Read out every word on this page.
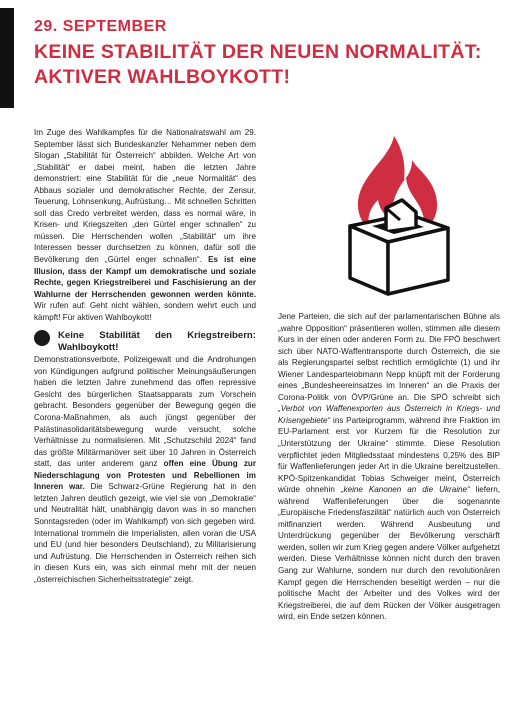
29. SEPTEMBER
KEINE STABILITÄT DER NEUEN NORMALITÄT:
AKTIVER WAHLBOYKOTT!

Im Zuge des Wahlkampfes für die Nationalratswahl am 29. September lässt sich Bundeskanzler Nehammer neben dem Slogan „Stabilität für Österreich“ abbilden. Welche Art von „Stabilität“ er dabei meint, haben die letzten Jahre demonstriert: eine Stabilität für die „neue Normalität“ des Abbaus sozialer und demokratischer Rechte, der Zensur, Teuerung, Lohnsenkung, Aufrüstung… Mit schnellen Schritten soll das Credo verbreitet werden, dass es normal wäre, in Krisen- und Kriegszeiten „den Gürtel enger schnallen“ zu müssen. Die Herrschenden wollen „Stabilität“ um ihre Interessen besser durchsetzen zu können, dafür soll die Bevölkerung den „Gürtel enger schnallen“. Es ist eine Illusion, dass der Kampf um demokratische und soziale Rechte, gegen Kriegstreiberei und Faschisierung an der Wahlurne der Herrschenden gewonnen werden könnte. Wir rufen auf: Geht nicht wählen, sondern wehrt euch und kämpft! Für aktiven Wahlboykott!

Keine Stabilität den Kriegstreibern: Wahlboykott!

Demonstrationsverbote, Polizeigewalt und die Androhungen von Kündigungen aufgrund politischer Meinungsäußerungen haben die letzten Jahre zunehmend das offen repressive Gesicht des bürgerlichen Staatsapparats zum Vorschein gebracht. Besonders gegenüber der Bewegung gegen die Corona-Maßnahmen, als auch jüngst gegenüber der Palästinasolidaritätsbewegung wurde versucht, solche Verhältnisse zu normalisieren. Mit „Schutzschild 2024“ fand das größte Militärmanöver seit über 10 Jahren in Österreich statt, das unter anderem ganz offen eine Übung zur Niederschlagung von Protesten und Rebellionen im Inneren war. Die Schwarz-Grüne Regierung hat in den letzten Jahren deutlich gezeigt, wie viel sie von „Demokratie“ und Neutralität hält, unabhängig davon was in so manchen Sonntagsreden (oder im Wahlkampf) von sich gegeben wird. International trommeln die Imperialisten, allen voran die USA und EU (und hier besonders Deutschland), zu Militarisierung und Aufrüstung. Die Herrschenden in Österreich reihen sich in diesen Kurs ein, was sich einmal mehr mit der neuen „österreichischen Sicherheitsstrategie“ zeigt.

Jene Parteien, die sich auf der parlamentarischen Bühne als „wahre Opposition“ präsentieren wollen, stimmen alle diesem Kurs in der einen oder anderen Form zu. Die FPÖ beschwert sich über NATO-Waffentransporte durch Österreich, die sie als Regierungspartei selbst rechtlich ermöglichte (1) und ihr Wiener Landesparteiobmann Nepp knüpft mit der Forderung eines „Bundesheereinsatzes im Inneren“ an die Praxis der Corona-Politik von ÖVP/Grüne an. Die SPÖ schreibt sich „Verbot von Waffenexporten aus Österreich in Kriegs- und Krisengebiete“ ins Parteiprogramm, während ihre Fraktion im EU-Parlament erst vor Kurzem für die Resolution zur „Unterstützung der Ukraine“ stimmte. Diese Resolution verpflichtet jeden Mitgliedsstaat mindestens 0,25% des BIP für Waffenlieferungen jeder Art in die Ukraine bereitzustellen. KPÖ-Spitzenkandidat Tobias Schweiger meint, Österreich würde ohnehin „keine Kanonen an die Ukraine“ liefern, während Waffenlieferungen über die sogenannte „Europäische Friedensfaszilität“ natürlich auch von Österreich mitfinanziert werden. Während Ausbeutung und Unterdrückung gegenüber der Bevölkerung verschärft werden, sollen wir zum Krieg gegen andere Völker aufgehetzt werden. Diese Verhältnisse können nicht durch den braven Gang zur Wahlurne, sondern nur durch den revolutionären Kampf gegen die Herrschenden beseitigt werden – nur die politische Macht der Arbeiter und des Volkes wird der Kriegstreiberei, die auf dem Rücken der Völker ausgetragen wird, ein Ende setzen können.
